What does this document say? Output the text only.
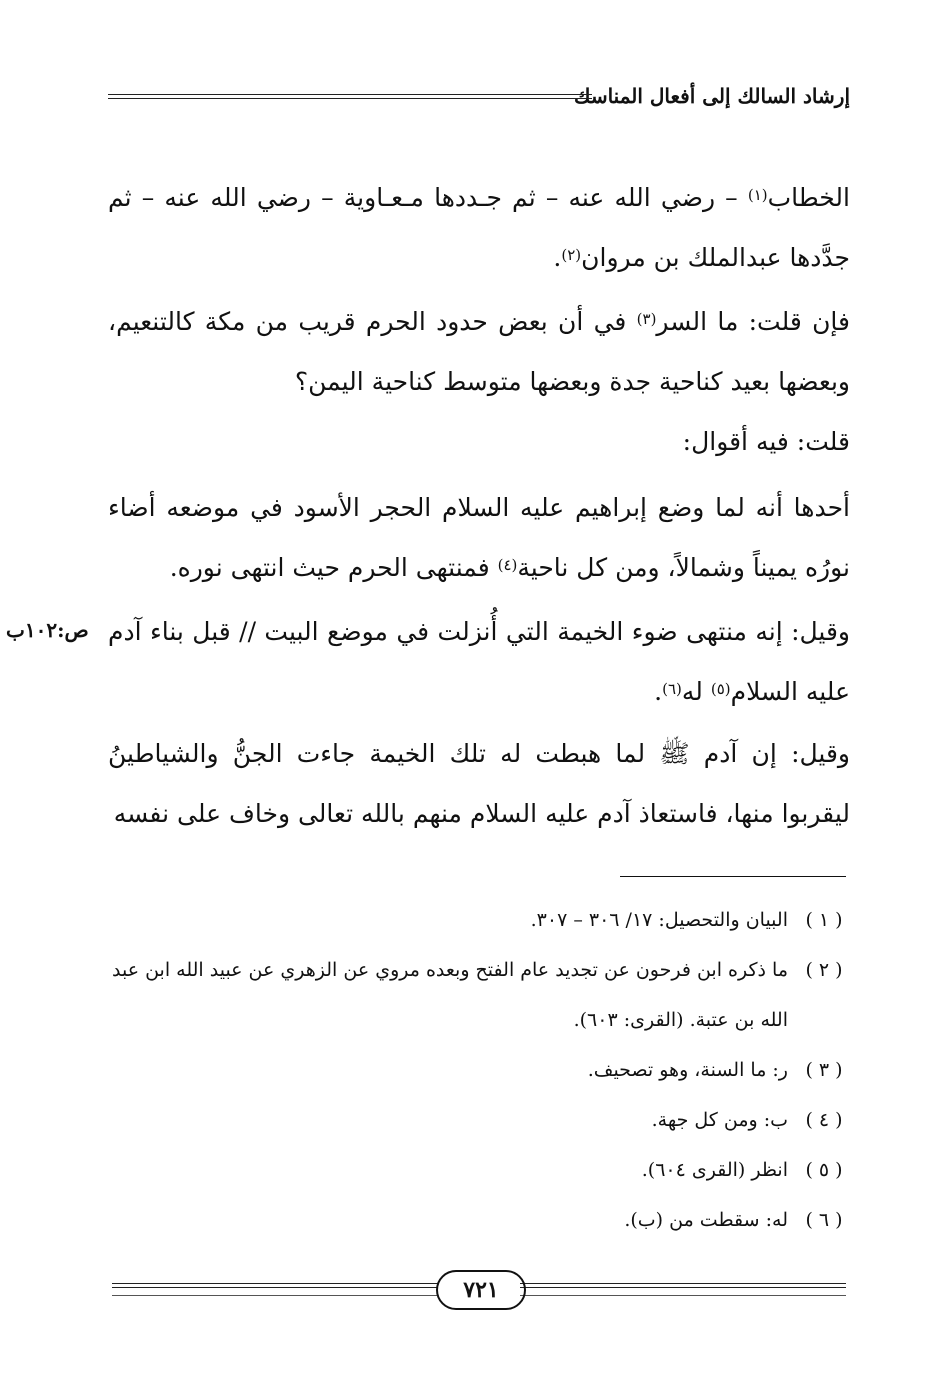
إرشاد السالك إلى أفعال المناسك

الخطاب$^{(١)}$ – رضي الله عنه – ثم جـددها مـعـاوية – رضي الله عنه – ثم جدَّدها عبدالملك بن مروان$^{(٢)}$.

فإن قلت: ما السر$^{(٣)}$ في أن بعض حدود الحرم قريب من مكة كالتنعيم، وبعضها بعيد كناحية جدة وبعضها متوسط كناحية اليمن؟

قلت: فيه أقوال:

أحدها أنه لما وضع إبراهيم عليه السلام الحجر الأسود في موضعه أضاء نورُه يميناً وشمالاً، ومن كل ناحية$^{(٤)}$ فمنتهى الحرم حيث انتهى نوره.

وقيل: إنه منتهى ضوء الخيمة التي أُنزلت في موضع البيت // قبل بناء آدم عليه السلام$^{(٥)}$ له$^{(٦)}$.

ص:١٠٢ب

وقيل: إن آدم ﷺ لما هبطت له تلك الخيمة جاءت الجنُّ والشياطينُ ليقربوا منها، فاستعاذ آدم عليه السلام منهم بالله تعالى وخاف على نفسه

( ١ )
البيان والتحصيل: ١٧/ ٣٠٦ – ٣٠٧.
( ٢ )
ما ذكره ابن فرحون عن تجديد عام الفتح وبعده مروي عن الزهري عن عبيد الله ابن عبد الله بن عتبة. (القرى: ٦٠٣).
( ٣ )
ر: ما السنة، وهو تصحيف.
( ٤ )
ب: ومن كل جهة.
( ٥ )
انظر (القرى ٦٠٤).
( ٦ )
له: سقطت من (ب).
٧٢١
